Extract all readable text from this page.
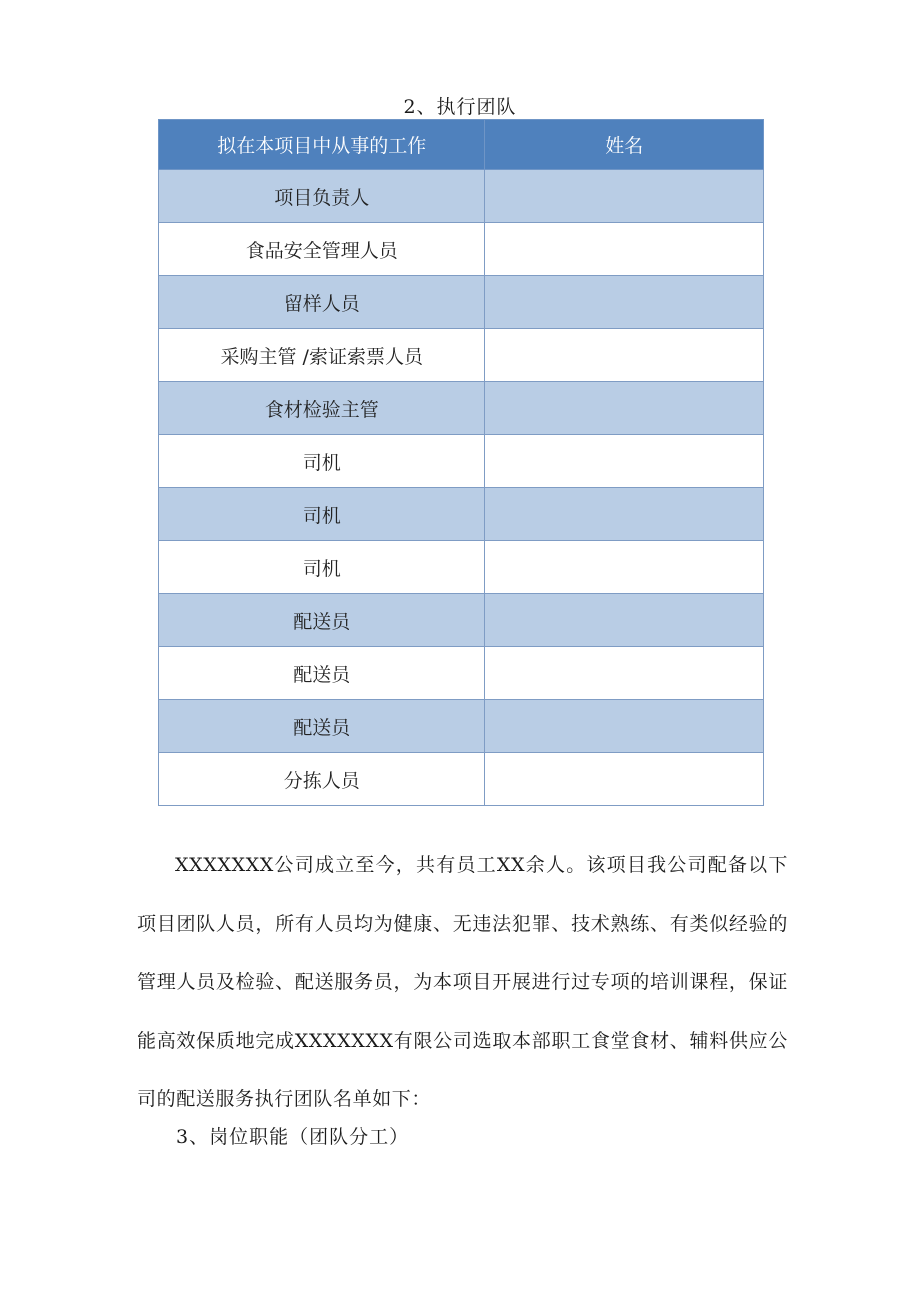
2、执行团队
拟在本项目中从事的工作	姓名
项目负责人	
食品安全管理人员	
留样人员	
采购主管 /索证索票人员	
食材检验主管	
司机	
司机	
司机	
配送员	
配送员	
配送员	
分拣人员	

XXXXXXX公司成立至今，共有员工XX余人。该项目我公司配备以下项目团队人员，所有人员均为健康、无违法犯罪、技术熟练、有类似经验的管理人员及检验、配送服务员，为本项目开展进行过专项的培训课程，保证能高效保质地完成XXXXXXX有限公司选取本部职工食堂食材、辅料供应公司的配送服务执行团队名单如下：

3、岗位职能（团队分工）
